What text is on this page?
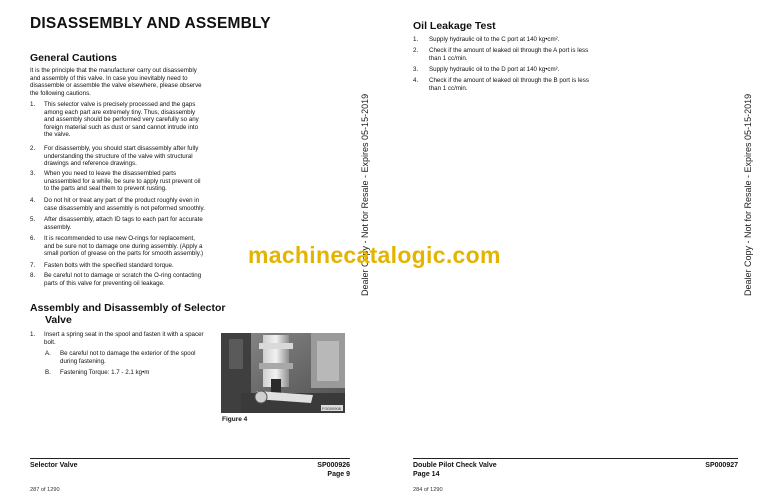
DISASSEMBLY AND ASSEMBLY
General Cautions
It is the principle that the manufacturer carry out disassembly
and assembly of this valve. In case you inevitably need to
disassemble or assemble the valve elsewhere, please observe
the following cautions.
1. This selector valve is precisely processed and the gaps
among each part are extremely tiny. Thus, disassembly
and assembly should be performed very carefully so any
foreign material such as dust or sand cannot intrude into
the valve.
2. For disassembly, you should start disassembly after fully
understanding the structure of the valve with structural
drawings and reference drawings.
3. When you need to leave the disassembled parts
unassembled for a while, be sure to apply rust prevent oil
to the parts and seal them to prevent rusting.
4. Do not hit or treat any part of the product roughly even in
case disassembly and assembly is not peformed smoothly.
5. After disassembly, attach ID tags to each part for accurate
assembly.
6. It is recommended to use new O-rings for replacement,
and be sure not to damage one during assembly. (Apply a
small portion of grease on the parts for smooth assembly.)
7. Fasten bolts with the specified standard torque.
8. Be careful not to damage or scratch the O-ring contacting
parts of this valve for preventing oil leakage.
Assembly and Disassembly of Selector
Valve
1. Insert a spring seat in the spool and fasten it with a spacer
bolt.
A. Be careful not to damage the exterior of the spool
during fastening.
B. Fastening Torque: 1.7 - 2.1 kg•m
FG000908
Figure 4
Selector Valve	SP000926
Page 9
287 of 1290
Dealer Copy - Not for Resale - Expires 05-15-2019
Oil Leakage Test
1. Supply hydraulic oil to the C port at 140 kg•cm².
2. Check if the amount of leaked oil through the A port is less
than 1 cc/min.
3. Supply hydraulic oil to the D port at 140 kg•cm².
4. Check if the amount of leaked oil through the B port is less
than 1 cc/min.
Double Pilot Check Valve	SP000927
Page 14
284 of 1290
Dealer Copy - Not for Resale - Expires 05-15-2019
machinecatalogic.com
